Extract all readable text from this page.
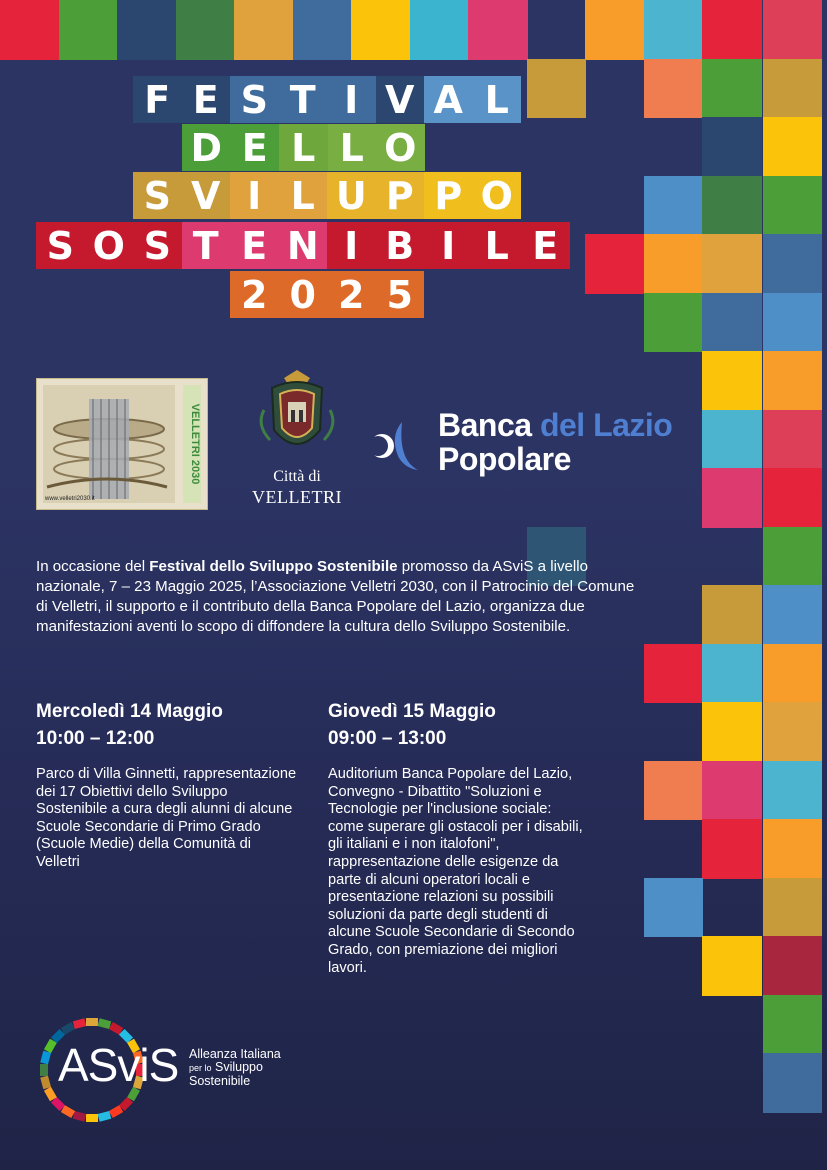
F E S T I V A L
D E L L O
S V I L U P P O
S O S T E N I B I L E
2 0 2 5
VELLETRI 2030
www.velletri2030.it
Città di
VELLETRI
Banca del Lazio
Popolare
In occasione del Festival dello Sviluppo Sostenibile promosso da ASviS a livello nazionale, 7 – 23 Maggio 2025, l’Associazione Velletri 2030, con il Patrocinio del Comune di Velletri, il supporto e il contributo della Banca Popolare del Lazio, organizza due manifestazioni aventi lo scopo di diffondere la cultura dello Sviluppo Sostenibile.
Mercoledì 14 Maggio
10:00 – 12:00
Parco di Villa Ginnetti, rappresentazione dei 17 Obiettivi dello Sviluppo Sostenibile a cura degli alunni di alcune Scuole Secondarie di Primo Grado (Scuole Medie) della Comunità di Velletri
Giovedì 15 Maggio
09:00 – 13:00
Auditorium Banca Popolare del Lazio, Convegno - Dibattito "Soluzioni e Tecnologie per l'inclusione sociale: come superare gli ostacoli per i disabili, gli italiani e i non italofoni", rappresentazione delle esigenze da parte di alcuni operatori locali e presentazione relazioni su possibili soluzioni da parte degli studenti di alcune Scuole Secondarie di Secondo Grado, con premiazione dei migliori lavori.
ASviS Alleanza Italiana
per lo Sviluppo
Sostenibile
